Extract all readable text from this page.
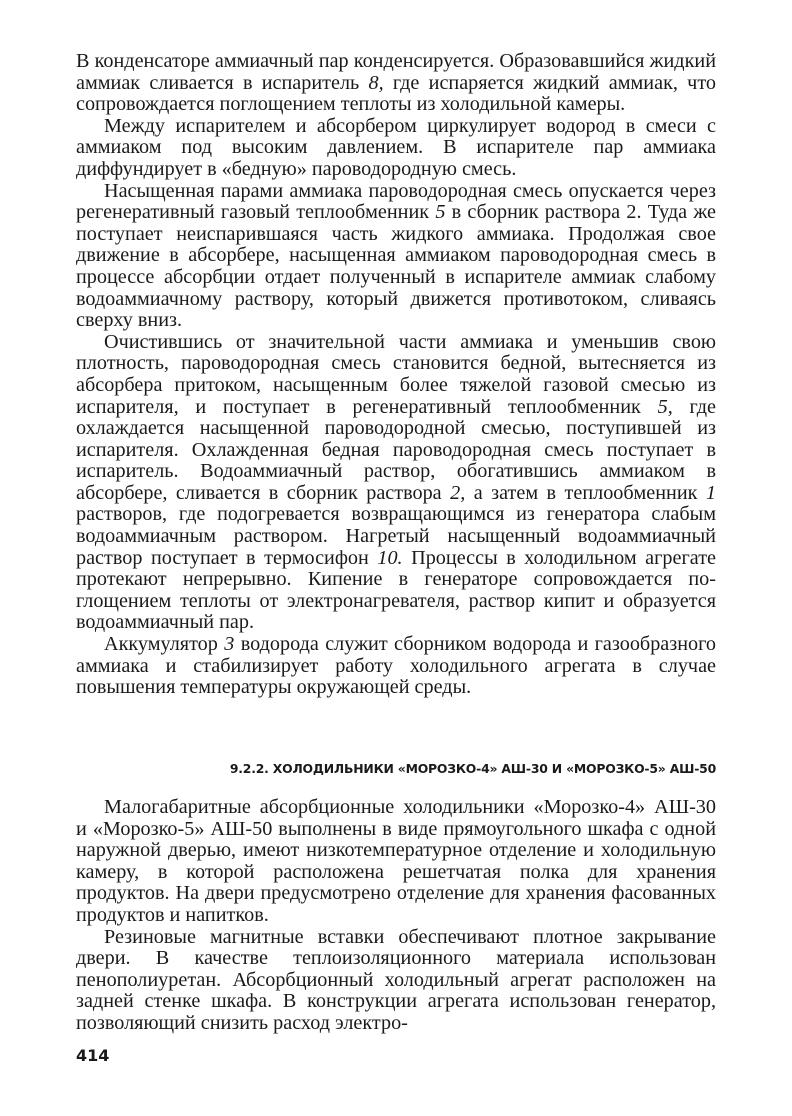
В конденсаторе аммиачный пар конденсируется. Образовавшийся жидкий аммиак сливается в испаритель 8, где испаряется жидкий аммиак, что сопровождается поглощением теплоты из холодильной камеры.

Между испарителем и абсорбером циркулирует водород в смеси с аммиаком под высоким давлением. В испарителе пар аммиака диффундирует в «бедную» пароводородную смесь.

Насыщенная парами аммиака пароводородная смесь опускается через регенеративный газовый теплообменник 5 в сборник раствора 2. Туда же поступает неиспарившаяся часть жидкого аммиака. Продолжая свое движение в абсорбере, насыщенная аммиаком пароводородная смесь в процессе абсорбции отдает полученный в испарителе аммиак слабому водоаммиачному раствору, который движется противотоком, сливаясь сверху вниз.

Очистившись от значительной части аммиака и уменьшив свою плотность, пароводородная смесь становится бедной, вытесняется из абсорбера притоком, насыщенным более тяжелой газовой смесью из испарителя, и поступает в регенеративный теплообменник 5, где охлаждается насыщенной пароводородной смесью, поступившей из испарителя. Охлажденная бедная пароводородная смесь поступает в испаритель. Водоаммиачный раствор, обогатившись аммиаком в абсорбере, сливается в сборник раствора 2, а затем в теплообменник 1 растворов, где подогревается возвращающимся из генератора слабым водоаммиачным раствором. Нагретый насыщенный водоаммиачный раствор поступает в термосифон 10. Процессы в холодильном агрегате протекают непрерывно. Кипение в генераторе сопровождается поглощением теплоты от электронагревателя, раствор кипит и образуется водоаммиачный пар.

Аккумулятор 3 водорода служит сборником водорода и газообразного аммиака и стабилизирует работу холодильного агрегата в случае повышения температуры окружающей среды.

9.2.2. ХОЛОДИЛЬНИКИ «МОРОЗКО-4» АШ-30 И «МОРОЗКО-5» АШ-50

Малогабаритные абсорбционные холодильники «Морозко-4» АШ-30 и «Морозко-5» АШ-50 выполнены в виде прямоугольного шкафа с одной наружной дверью, имеют низкотемпературное отделение и холодильную камеру, в которой расположена решетчатая полка для хранения продуктов. На двери предусмотрено отделение для хранения фасованных продуктов и напитков.

Резиновые магнитные вставки обеспечивают плотное закрывание двери. В качестве теплоизоляционного материала использован пенополиуретан. Абсорбционный холодильный агрегат расположен на задней стенке шкафа. В конструкции агрегата использован генератор, позволяющий снизить расход электро-

414
